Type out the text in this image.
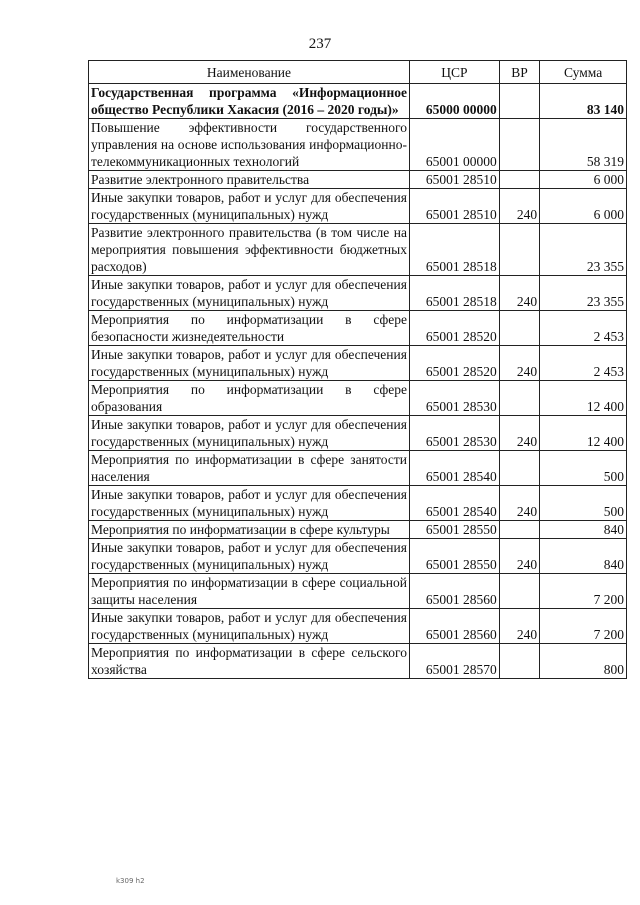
237
Наименование	ЦСР	ВР	Сумма
Государственная программа «Информационное общество Республики Хакасия (2016 – 2020 годы)»	65000 00000		83 140
Повышение эффективности государственного управления на основе использования информационно-телекоммуникационных технологий	65001 00000		58 319
Развитие электронного правительства	65001 28510		6 000
Иные закупки товаров, работ и услуг для обеспечения государственных (муниципальных) нужд	65001 28510	240	6 000
Развитие электронного правительства (в том числе на мероприятия повышения эффективности бюджетных расходов)	65001 28518		23 355
Иные закупки товаров, работ и услуг для обеспечения государственных (муниципальных) нужд	65001 28518	240	23 355
Мероприятия по информатизации в сфере безопасности жизнедеятельности	65001 28520		2 453
Иные закупки товаров, работ и услуг для обеспечения государственных (муниципальных) нужд	65001 28520	240	2 453
Мероприятия по информатизации в сфере образования	65001 28530		12 400
Иные закупки товаров, работ и услуг для обеспечения государственных (муниципальных) нужд	65001 28530	240	12 400
Мероприятия по информатизации в сфере занятости населения	65001 28540		500
Иные закупки товаров, работ и услуг для обеспечения государственных (муниципальных) нужд	65001 28540	240	500
Мероприятия по информатизации в сфере культуры	65001 28550		840
Иные закупки товаров, работ и услуг для обеспечения государственных (муниципальных) нужд	65001 28550	240	840
Мероприятия по информатизации в сфере социальной защиты населения	65001 28560		7 200
Иные закупки товаров, работ и услуг для обеспечения государственных (муниципальных) нужд	65001 28560	240	7 200
Мероприятия по информатизации в сфере сельского хозяйства	65001 28570		800
k309 h2
